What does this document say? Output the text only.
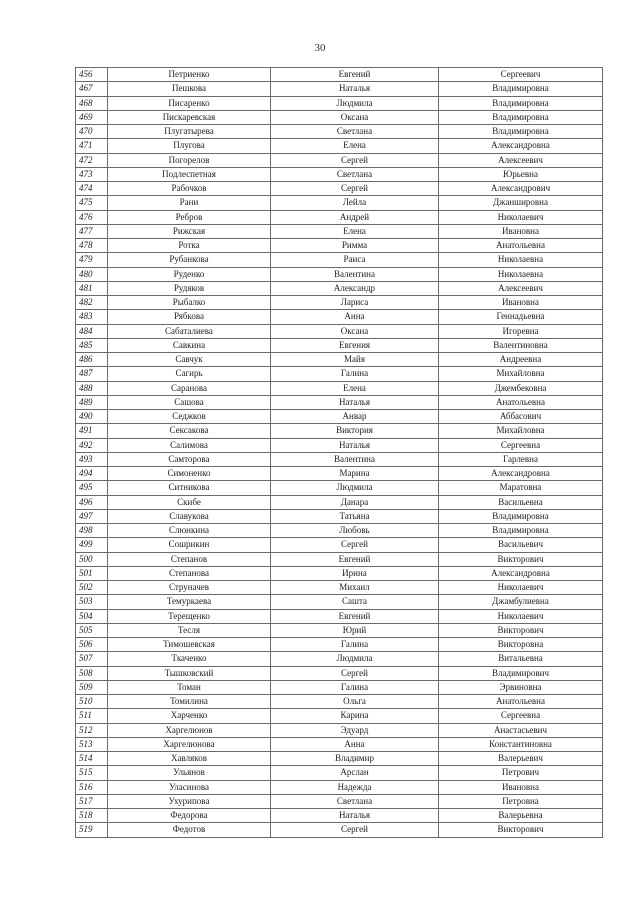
30
456	Петриенко	Евгений	Сергеевич
467	Пешкова	Наталья	Владимировна
468	Писаренко	Людмила	Владимировна
469	Пискаревская	Оксана	Владимировна
470	Плугатырева	Светлана	Владимировна
471	Плугова	Елена	Александровна
472	Погорелов	Сергей	Алексеевич
473	Подлеспетная	Светлана	Юрьевна
474	Рабочков	Сергей	Александрович
475	Рани	Лейла	Джаншировна
476	Ребров	Андрей	Николаевич
477	Рижская	Елена	Ивановна
478	Ротка	Римма	Анатольевна
479	Рубанкова	Раиса	Николаевна
480	Руденко	Валентина	Николаевна
481	Рудяков	Александр	Алексеевич
482	Рыбалко	Лариса	Ивановна
483	Рябкова	Анна	Геннадьевна
484	Сабаталиева	Оксана	Игоревна
485	Савкина	Евгения	Валентиновна
486	Савчук	Майя	Андреевна
487	Сагирь	Галина	Михайловна
488	Саранова	Елена	Джембековна
489	Сашова	Наталья	Анатольевна
490	Седжков	Анвар	Аббасович
491	Сексакова	Виктория	Михайловна
492	Салимова	Наталья	Сергеевна
493	Самторова	Валентина	Гарлевна
494	Симоненко	Марина	Александровна
495	Ситникова	Людмила	Маратовна
496	Скибе	Данара	Васильевна
497	Славукова	Татьяна	Владимировна
498	Слюнкина	Любовь	Владимировна
499	Сошрикин	Сергей	Васильевич
500	Степанов	Евгений	Викторович
501	Степанова	Ирина	Александровна
502	Струначев	Михаил	Николаевич
503	Темуркаева	Сашта	Джамбулиевна
504	Терещенко	Евгений	Николаевич
505	Тесля	Юрий	Викторович
506	Тимошевская	Галина	Викторовна
507	Ткаченко	Людмила	Витальевна
508	Тышковский	Сергей	Владимирович
509	Томан	Галина	Эрвиновна
510	Томилина	Ольга	Анатольевна
511	Харченко	Карина	Сергеевна
512	Харгелюнов	Эдуард	Анастасьевич
513	Харгелюнова	Анна	Константиновна
514	Хавляков	Владимир	Валерьевич
515	Ульянов	Арслан	Петрович
516	Уласинова	Надежда	Ивановна
517	Ухурипова	Светлана	Петровна
518	Федорова	Наталья	Валерьевна
519	Федотов	Сергей	Викторович
